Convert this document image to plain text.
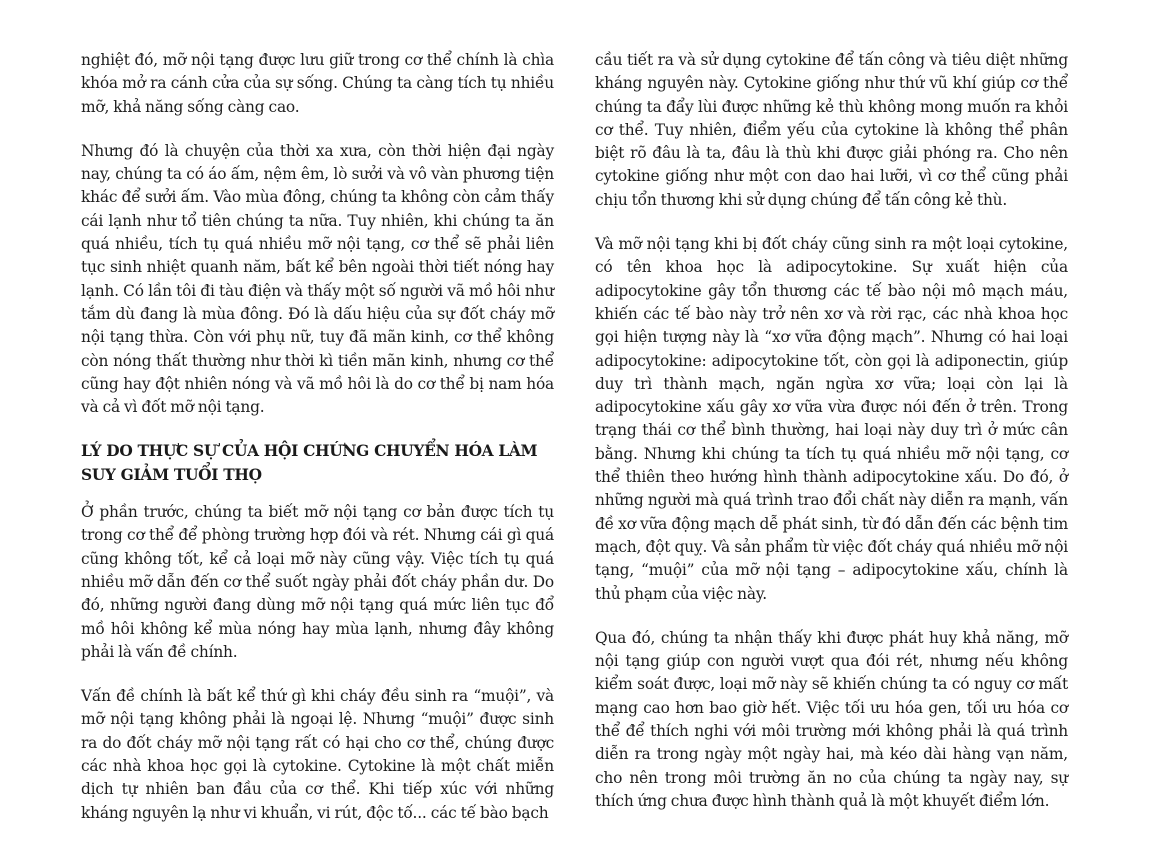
nghiệt đó, mỡ nội tạng được lưu giữ trong cơ thể chính là chìa khóa mở ra cánh cửa của sự sống. Chúng ta càng tích tụ nhiều mỡ, khả năng sống càng cao.

Nhưng đó là chuyện của thời xa xưa, còn thời hiện đại ngày nay, chúng ta có áo ấm, nệm êm, lò sưởi và vô vàn phương tiện khác để sưởi ấm. Vào mùa đông, chúng ta không còn cảm thấy cái lạnh như tổ tiên chúng ta nữa. Tuy nhiên, khi chúng ta ăn quá nhiều, tích tụ quá nhiều mỡ nội tạng, cơ thể sẽ phải liên tục sinh nhiệt quanh năm, bất kể bên ngoài thời tiết nóng hay lạnh. Có lần tôi đi tàu điện và thấy một số người vã mồ hôi như tắm dù đang là mùa đông. Đó là dấu hiệu của sự đốt cháy mỡ nội tạng thừa. Còn với phụ nữ, tuy đã mãn kinh, cơ thể không còn nóng thất thường như thời kì tiền mãn kinh, nhưng cơ thể cũng hay đột nhiên nóng và vã mồ hôi là do cơ thể bị nam hóa và cả vì đốt mỡ nội tạng.

LÝ DO THỰC SỰ CỦA HỘI CHỨNG CHUYỂN HÓA LÀM SUY GIẢM TUỔI THỌ

Ở phần trước, chúng ta biết mỡ nội tạng cơ bản được tích tụ trong cơ thể để phòng trường hợp đói và rét. Nhưng cái gì quá cũng không tốt, kể cả loại mỡ này cũng vậy. Việc tích tụ quá nhiều mỡ dẫn đến cơ thể suốt ngày phải đốt cháy phần dư. Do đó, những người đang dùng mỡ nội tạng quá mức liên tục đổ mồ hôi không kể mùa nóng hay mùa lạnh, nhưng đây không phải là vấn đề chính.

Vấn đề chính là bất kể thứ gì khi cháy đều sinh ra “muội”, và mỡ nội tạng không phải là ngoại lệ. Nhưng “muội” được sinh ra do đốt cháy mỡ nội tạng rất có hại cho cơ thể, chúng được các nhà khoa học gọi là cytokine. Cytokine là một chất miễn dịch tự nhiên ban đầu của cơ thể. Khi tiếp xúc với những kháng nguyên lạ như vi khuẩn, vi rút, độc tố... các tế bào bạch

cầu tiết ra và sử dụng cytokine để tấn công và tiêu diệt những kháng nguyên này. Cytokine giống như thứ vũ khí giúp cơ thể chúng ta đẩy lùi được những kẻ thù không mong muốn ra khỏi cơ thể. Tuy nhiên, điểm yếu của cytokine là không thể phân biệt rõ đâu là ta, đâu là thù khi được giải phóng ra. Cho nên cytokine giống như một con dao hai lưỡi, vì cơ thể cũng phải chịu tổn thương khi sử dụng chúng để tấn công kẻ thù.

Và mỡ nội tạng khi bị đốt cháy cũng sinh ra một loại cytokine, có tên khoa học là adipocytokine. Sự xuất hiện của adipocytokine gây tổn thương các tế bào nội mô mạch máu, khiến các tế bào này trở nên xơ và rời rạc, các nhà khoa học gọi hiện tượng này là “xơ vữa động mạch”. Nhưng có hai loại adipocytokine: adipocytokine tốt, còn gọi là adiponectin, giúp duy trì thành mạch, ngăn ngừa xơ vữa; loại còn lại là adipocytokine xấu gây xơ vữa vừa được nói đến ở trên. Trong trạng thái cơ thể bình thường, hai loại này duy trì ở mức cân bằng. Nhưng khi chúng ta tích tụ quá nhiều mỡ nội tạng, cơ thể thiên theo hướng hình thành adipocytokine xấu. Do đó, ở những người mà quá trình trao đổi chất này diễn ra mạnh, vấn đề xơ vữa động mạch dễ phát sinh, từ đó dẫn đến các bệnh tim mạch, đột quỵ. Và sản phẩm từ việc đốt cháy quá nhiều mỡ nội tạng, “muội” của mỡ nội tạng – adipocytokine xấu, chính là thủ phạm của việc này.

Qua đó, chúng ta nhận thấy khi được phát huy khả năng, mỡ nội tạng giúp con người vượt qua đói rét, nhưng nếu không kiểm soát được, loại mỡ này sẽ khiến chúng ta có nguy cơ mất mạng cao hơn bao giờ hết. Việc tối ưu hóa gen, tối ưu hóa cơ thể để thích nghi với môi trường mới không phải là quá trình diễn ra trong ngày một ngày hai, mà kéo dài hàng vạn năm, cho nên trong môi trường ăn no của chúng ta ngày nay, sự thích ứng chưa được hình thành quả là một khuyết điểm lớn.
